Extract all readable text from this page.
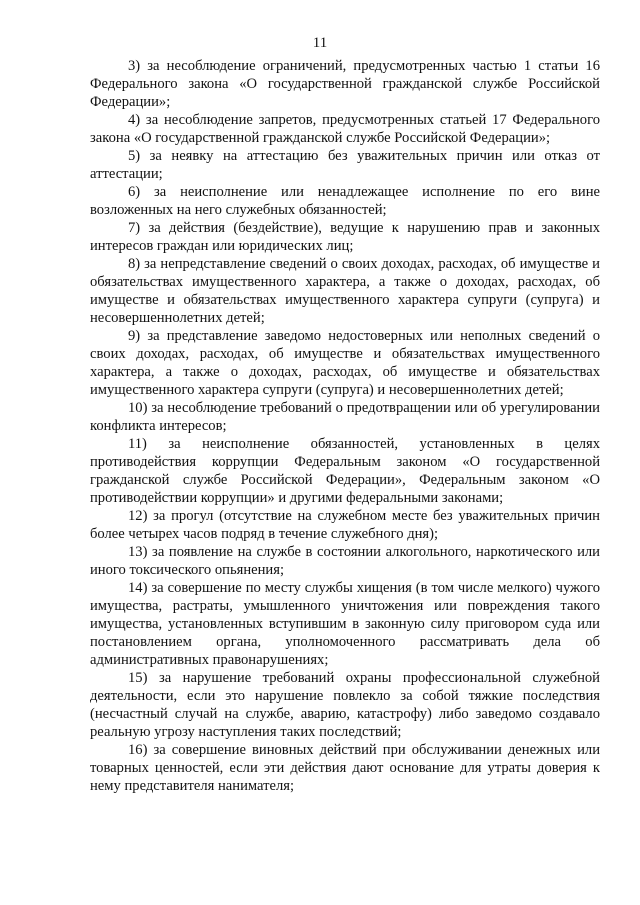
11

3) за несоблюдение ограничений, предусмотренных частью 1 статьи 16 Федерального закона «О государственной гражданской службе Российской Федерации»;

4) за несоблюдение запретов, предусмотренных статьей 17 Федерального закона «О государственной гражданской службе Российской Федерации»;

5) за неявку на аттестацию без уважительных причин или отказ от аттестации;

6) за неисполнение или ненадлежащее исполнение по его вине возложенных на него служебных обязанностей;

7) за действия (бездействие), ведущие к нарушению прав и законных интересов граждан или юридических лиц;

8) за непредставление сведений о своих доходах, расходах, об имуществе и обязательствах имущественного характера, а также о доходах, расходах, об имуществе и обязательствах имущественного характера супруги (супруга) и несовершеннолетних детей;

9) за представление заведомо недостоверных или неполных сведений о своих доходах, расходах, об имуществе и обязательствах имущественного характера, а также о доходах, расходах, об имуществе и обязательствах имущественного характера супруги (супруга) и несовершеннолетних детей;

10) за несоблюдение требований о предотвращении или об урегулировании конфликта интересов;

11) за неисполнение обязанностей, установленных в целях противодействия коррупции Федеральным законом «О государственной гражданской службе Российской Федерации», Федеральным законом «О противодействии коррупции» и другими федеральными законами;

12) за прогул (отсутствие на служебном месте без уважительных причин более четырех часов подряд в течение служебного дня);

13) за появление на службе в состоянии алкогольного, наркотического или иного токсического опьянения;

14) за совершение по месту службы хищения (в том числе мелкого) чужого имущества, растраты, умышленного уничтожения или повреждения такого имущества, установленных вступившим в законную силу приговором суда или постановлением органа, уполномоченного рассматривать дела об административных правонарушениях;

15) за нарушение требований охраны профессиональной служебной деятельности, если это нарушение повлекло за собой тяжкие последствия (несчастный случай на службе, аварию, катастрофу) либо заведомо создавало реальную угрозу наступления таких последствий;

16) за совершение виновных действий при обслуживании денежных или товарных ценностей, если эти действия дают основание для утраты доверия к нему представителя нанимателя;
